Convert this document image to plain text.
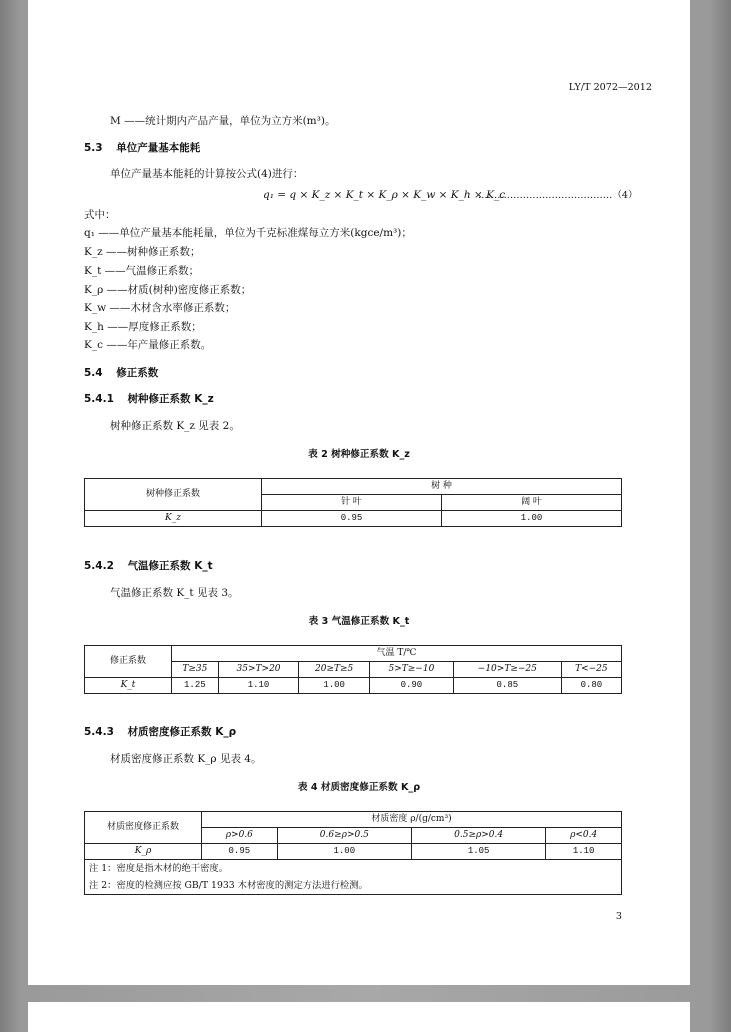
LY/T 2072—2012
M ——统计期内产品产量，单位为立方米(m³)。
5.3 单位产量基本能耗
单位产量基本能耗的计算按公式(4)进行：
q₁ = q × K_z × K_t × K_ρ × K_w × K_h × K_c
……………………………………（4）
式中：
q₁ ——单位产量基本能耗量，单位为千克标准煤每立方米(kgce/m³)；
K_z ——树种修正系数；
K_t ——气温修正系数；
K_ρ ——材质(树种)密度修正系数；
K_w ——木材含水率修正系数；
K_h ——厚度修正系数；
K_c ——年产量修正系数。
5.4 修正系数
5.4.1 树种修正系数 K_z
树种修正系数 K_z 见表 2。
表 2 树种修正系数 K_z
树种修正系数	树 种	
	针 叶	阔 叶
K_z	0.95	1.00
5.4.2 气温修正系数 K_t
气温修正系数 K_t 见表 3。
表 3 气温修正系数 K_t
修正系数	气温 T/℃					
	T≥35	35>T>20	20≥T≥5	5>T≥−10	−10>T≥−25	T<−25
K_t	1.25	1.10	1.00	0.90	0.85	0.80
5.4.3 材质密度修正系数 K_ρ
材质密度修正系数 K_ρ 见表 4。
表 4 材质密度修正系数 K_ρ
材质密度修正系数	材质密度 ρ/(g/cm³)			
	ρ>0.6	0.6≥ρ>0.5	0.5≥ρ>0.4	ρ<0.4
K_ρ	0.95	1.00	1.05	1.10
注 1：密度是指木材的绝干密度。				
注 2：密度的检测应按 GB/T 1933 木材密度的测定方法进行检测。				
3
